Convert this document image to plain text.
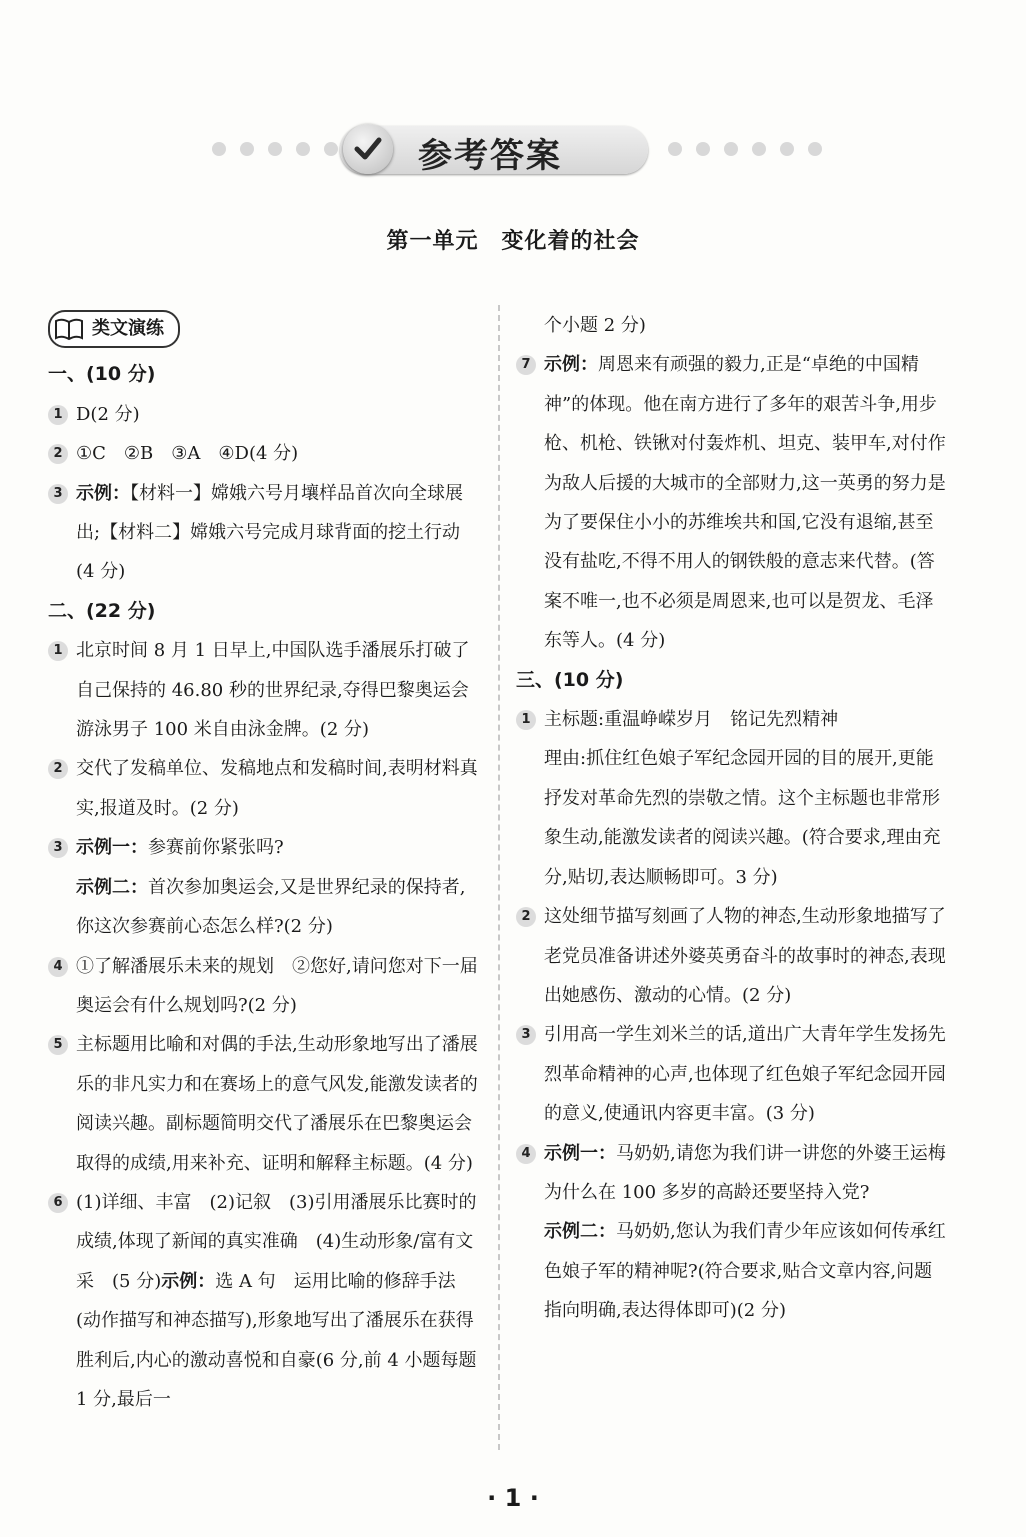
参考答案
第一单元　变化着的社会
类文演练
一、(10 分)
1 D(2 分)
2 ①C　②B　③A　④D(4 分)
3 示例：【材料一】嫦娥六号月壤样品首次向全球展出;【材料二】嫦娥六号完成月球背面的挖土行动(4 分)
二、(22 分)
1 北京时间 8 月 1 日早上,中国队选手潘展乐打破了自己保持的 46.80 秒的世界纪录,夺得巴黎奥运会游泳男子 100 米自由泳金牌。(2 分)
2 交代了发稿单位、发稿地点和发稿时间,表明材料真实,报道及时。(2 分)
3 示例一：参赛前你紧张吗?
示例二：首次参加奥运会,又是世界纪录的保持者,你这次参赛前心态怎么样?(2 分)
4 ①了解潘展乐未来的规划　②您好,请问您对下一届奥运会有什么规划吗?(2 分)
5 主标题用比喻和对偶的手法,生动形象地写出了潘展乐的非凡实力和在赛场上的意气风发,能激发读者的阅读兴趣。副标题简明交代了潘展乐在巴黎奥运会取得的成绩,用来补充、证明和解释主标题。(4 分)
6 (1)详细、丰富　(2)记叙　(3)引用潘展乐比赛时的成绩,体现了新闻的真实准确　(4)生动形象/富有文采　(5 分)示例：选 A 句　运用比喻的修辞手法(动作描写和神态描写),形象地写出了潘展乐在获得胜利后,内心的激动喜悦和自豪(6 分,前 4 小题每题 1 分,最后一
个小题 2 分)
7 示例：周恩来有顽强的毅力,正是“卓绝的中国精神”的体现。他在南方进行了多年的艰苦斗争,用步枪、机枪、铁锹对付轰炸机、坦克、装甲车,对付作为敌人后援的大城市的全部财力,这一英勇的努力是为了要保住小小的苏维埃共和国,它没有退缩,甚至没有盐吃,不得不用人的钢铁般的意志来代替。(答案不唯一,也不必须是周恩来,也可以是贺龙、毛泽东等人。(4 分)
三、(10 分)
1 主标题:重温峥嵘岁月　铭记先烈精神
理由:抓住红色娘子军纪念园开园的目的展开,更能抒发对革命先烈的崇敬之情。这个主标题也非常形象生动,能激发读者的阅读兴趣。(符合要求,理由充分,贴切,表达顺畅即可。3 分)
2 这处细节描写刻画了人物的神态,生动形象地描写了老党员准备讲述外婆英勇奋斗的故事时的神态,表现出她感伤、激动的心情。(2 分)
3 引用高一学生刘米兰的话,道出广大青年学生发扬先烈革命精神的心声,也体现了红色娘子军纪念园开园的意义,使通讯内容更丰富。(3 分)
4 示例一：马奶奶,请您为我们讲一讲您的外婆王运梅为什么在 100 多岁的高龄还要坚持入党?
示例二：马奶奶,您认为我们青少年应该如何传承红色娘子军的精神呢?(符合要求,贴合文章内容,问题指向明确,表达得体即可)(2 分)
· 1 ·
